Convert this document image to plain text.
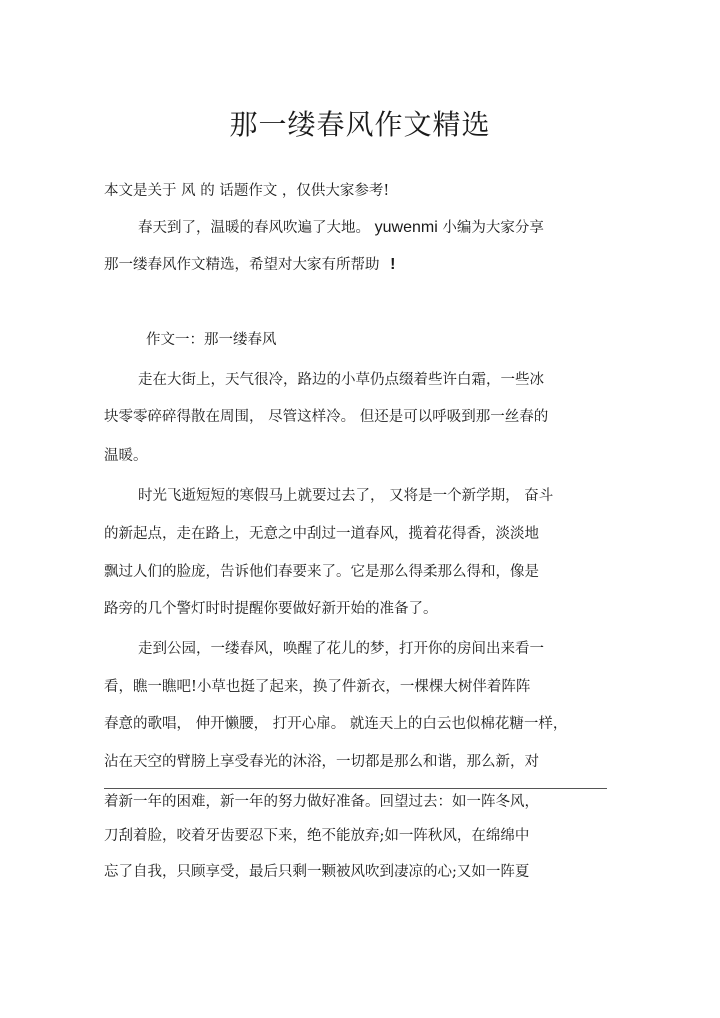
那一缕春风作文精选
本文是关于 风 的 话题作文 ，仅供大家参考!
春天到了，温暖的春风吹遍了大地。 yuwenmi 小编为大家分享
那一缕春风作文精选，希望对大家有所帮助 !
作文一：那一缕春风
走在大街上，天气很冷，路边的小草仍点缀着些许白霜，一些冰
块零零碎碎得散在周围， 尽管这样冷。 但还是可以呼吸到那一丝春的
温暖。
时光飞逝短短的寒假马上就要过去了， 又将是一个新学期， 奋斗
的新起点，走在路上，无意之中刮过一道春风，揽着花得香，淡淡地
飘过人们的脸庞，告诉他们春要来了。它是那么得柔那么得和，像是
路旁的几个警灯时时提醒你要做好新开始的准备了。
走到公园，一缕春风，唤醒了花儿的梦，打开你的房间出来看一
看，瞧一瞧吧!小草也挺了起来，换了件新衣，一棵棵大树伴着阵阵
春意的歌唱， 伸开懒腰， 打开心扉。 就连天上的白云也似棉花糖一样，
沾在天空的臂膀上享受春光的沐浴，一切都是那么和谐，那么新，对
着新一年的困难，新一年的努力做好准备。回望过去：如一阵冬风，
刀刮着脸，咬着牙齿要忍下来，绝不能放弃;如一阵秋风，在绵绵中
忘了自我，只顾享受，最后只剩一颗被风吹到凄凉的心;又如一阵夏
